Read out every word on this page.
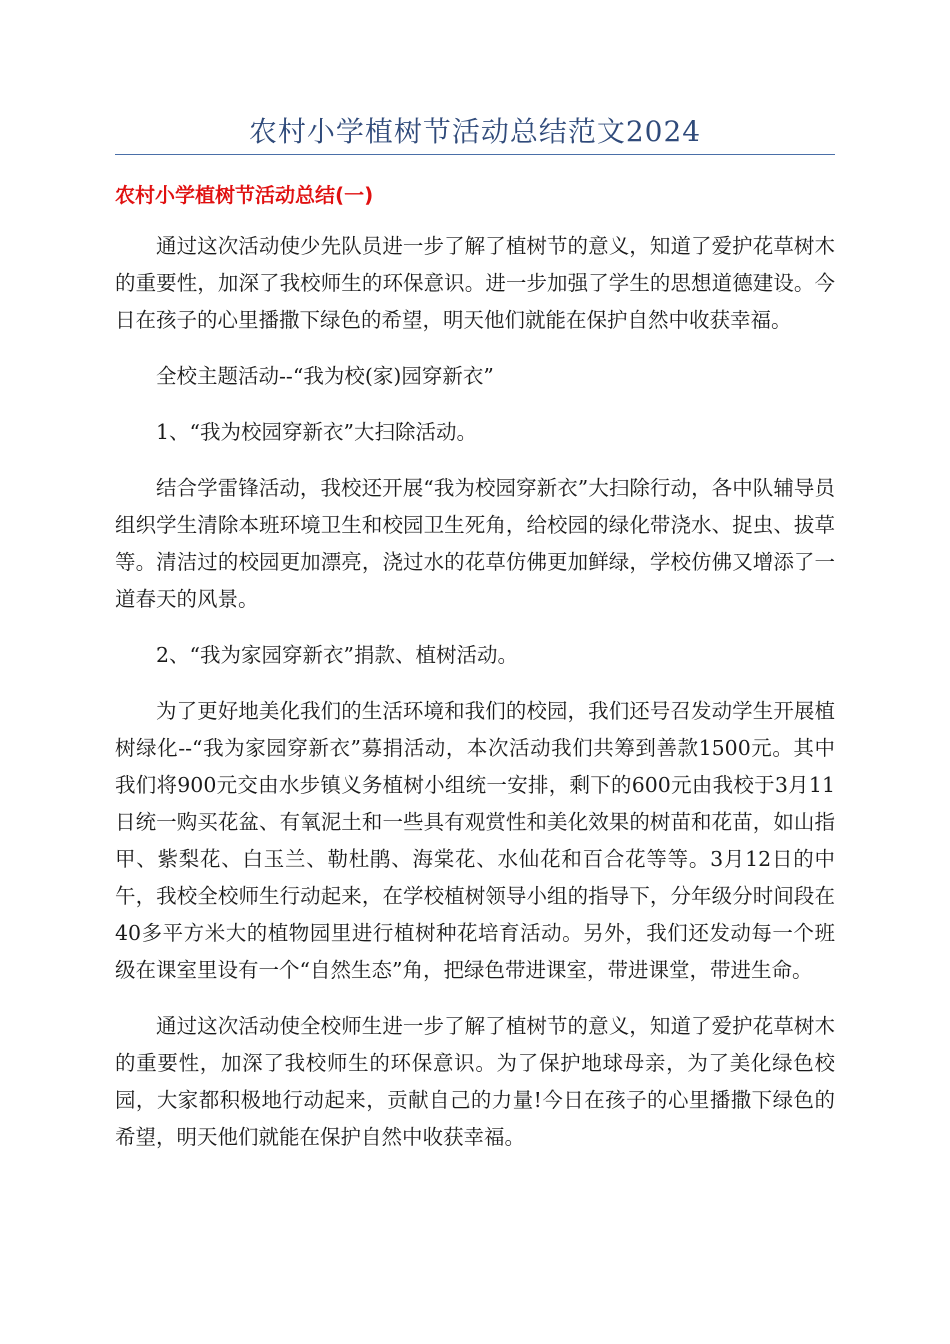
农村小学植树节活动总结范文2024
农村小学植树节活动总结(一)

通过这次活动使少先队员进一步了解了植树节的意义，知道了爱护花草树木的重要性，加深了我校师生的环保意识。进一步加强了学生的思想道德建设。今日在孩子的心里播撒下绿色的希望，明天他们就能在保护自然中收获幸福。

全校主题活动--“我为校(家)园穿新衣”

1、“我为校园穿新衣”大扫除活动。

结合学雷锋活动，我校还开展“我为校园穿新衣”大扫除行动，各中队辅导员组织学生清除本班环境卫生和校园卫生死角，给校园的绿化带浇水、捉虫、拔草等。清洁过的校园更加漂亮，浇过水的花草仿佛更加鲜绿，学校仿佛又增添了一道春天的风景。

2、“我为家园穿新衣”捐款、植树活动。

为了更好地美化我们的生活环境和我们的校园，我们还号召发动学生开展植树绿化--“我为家园穿新衣”募捐活动，本次活动我们共筹到善款1500元。其中我们将900元交由水步镇义务植树小组统一安排，剩下的600元由我校于3月11日统一购买花盆、有氧泥土和一些具有观赏性和美化效果的树苗和花苗，如山指甲、紫梨花、白玉兰、勒杜鹃、海棠花、水仙花和百合花等等。3月12日的中午，我校全校师生行动起来，在学校植树领导小组的指导下，分年级分时间段在40多平方米大的植物园里进行植树种花培育活动。另外，我们还发动每一个班级在课室里设有一个“自然生态”角，把绿色带进课室，带进课堂，带进生命。

通过这次活动使全校师生进一步了解了植树节的意义，知道了爱护花草树木的重要性，加深了我校师生的环保意识。为了保护地球母亲，为了美化绿色校园，大家都积极地行动起来，贡献自己的力量!今日在孩子的心里播撒下绿色的希望，明天他们就能在保护自然中收获幸福。
